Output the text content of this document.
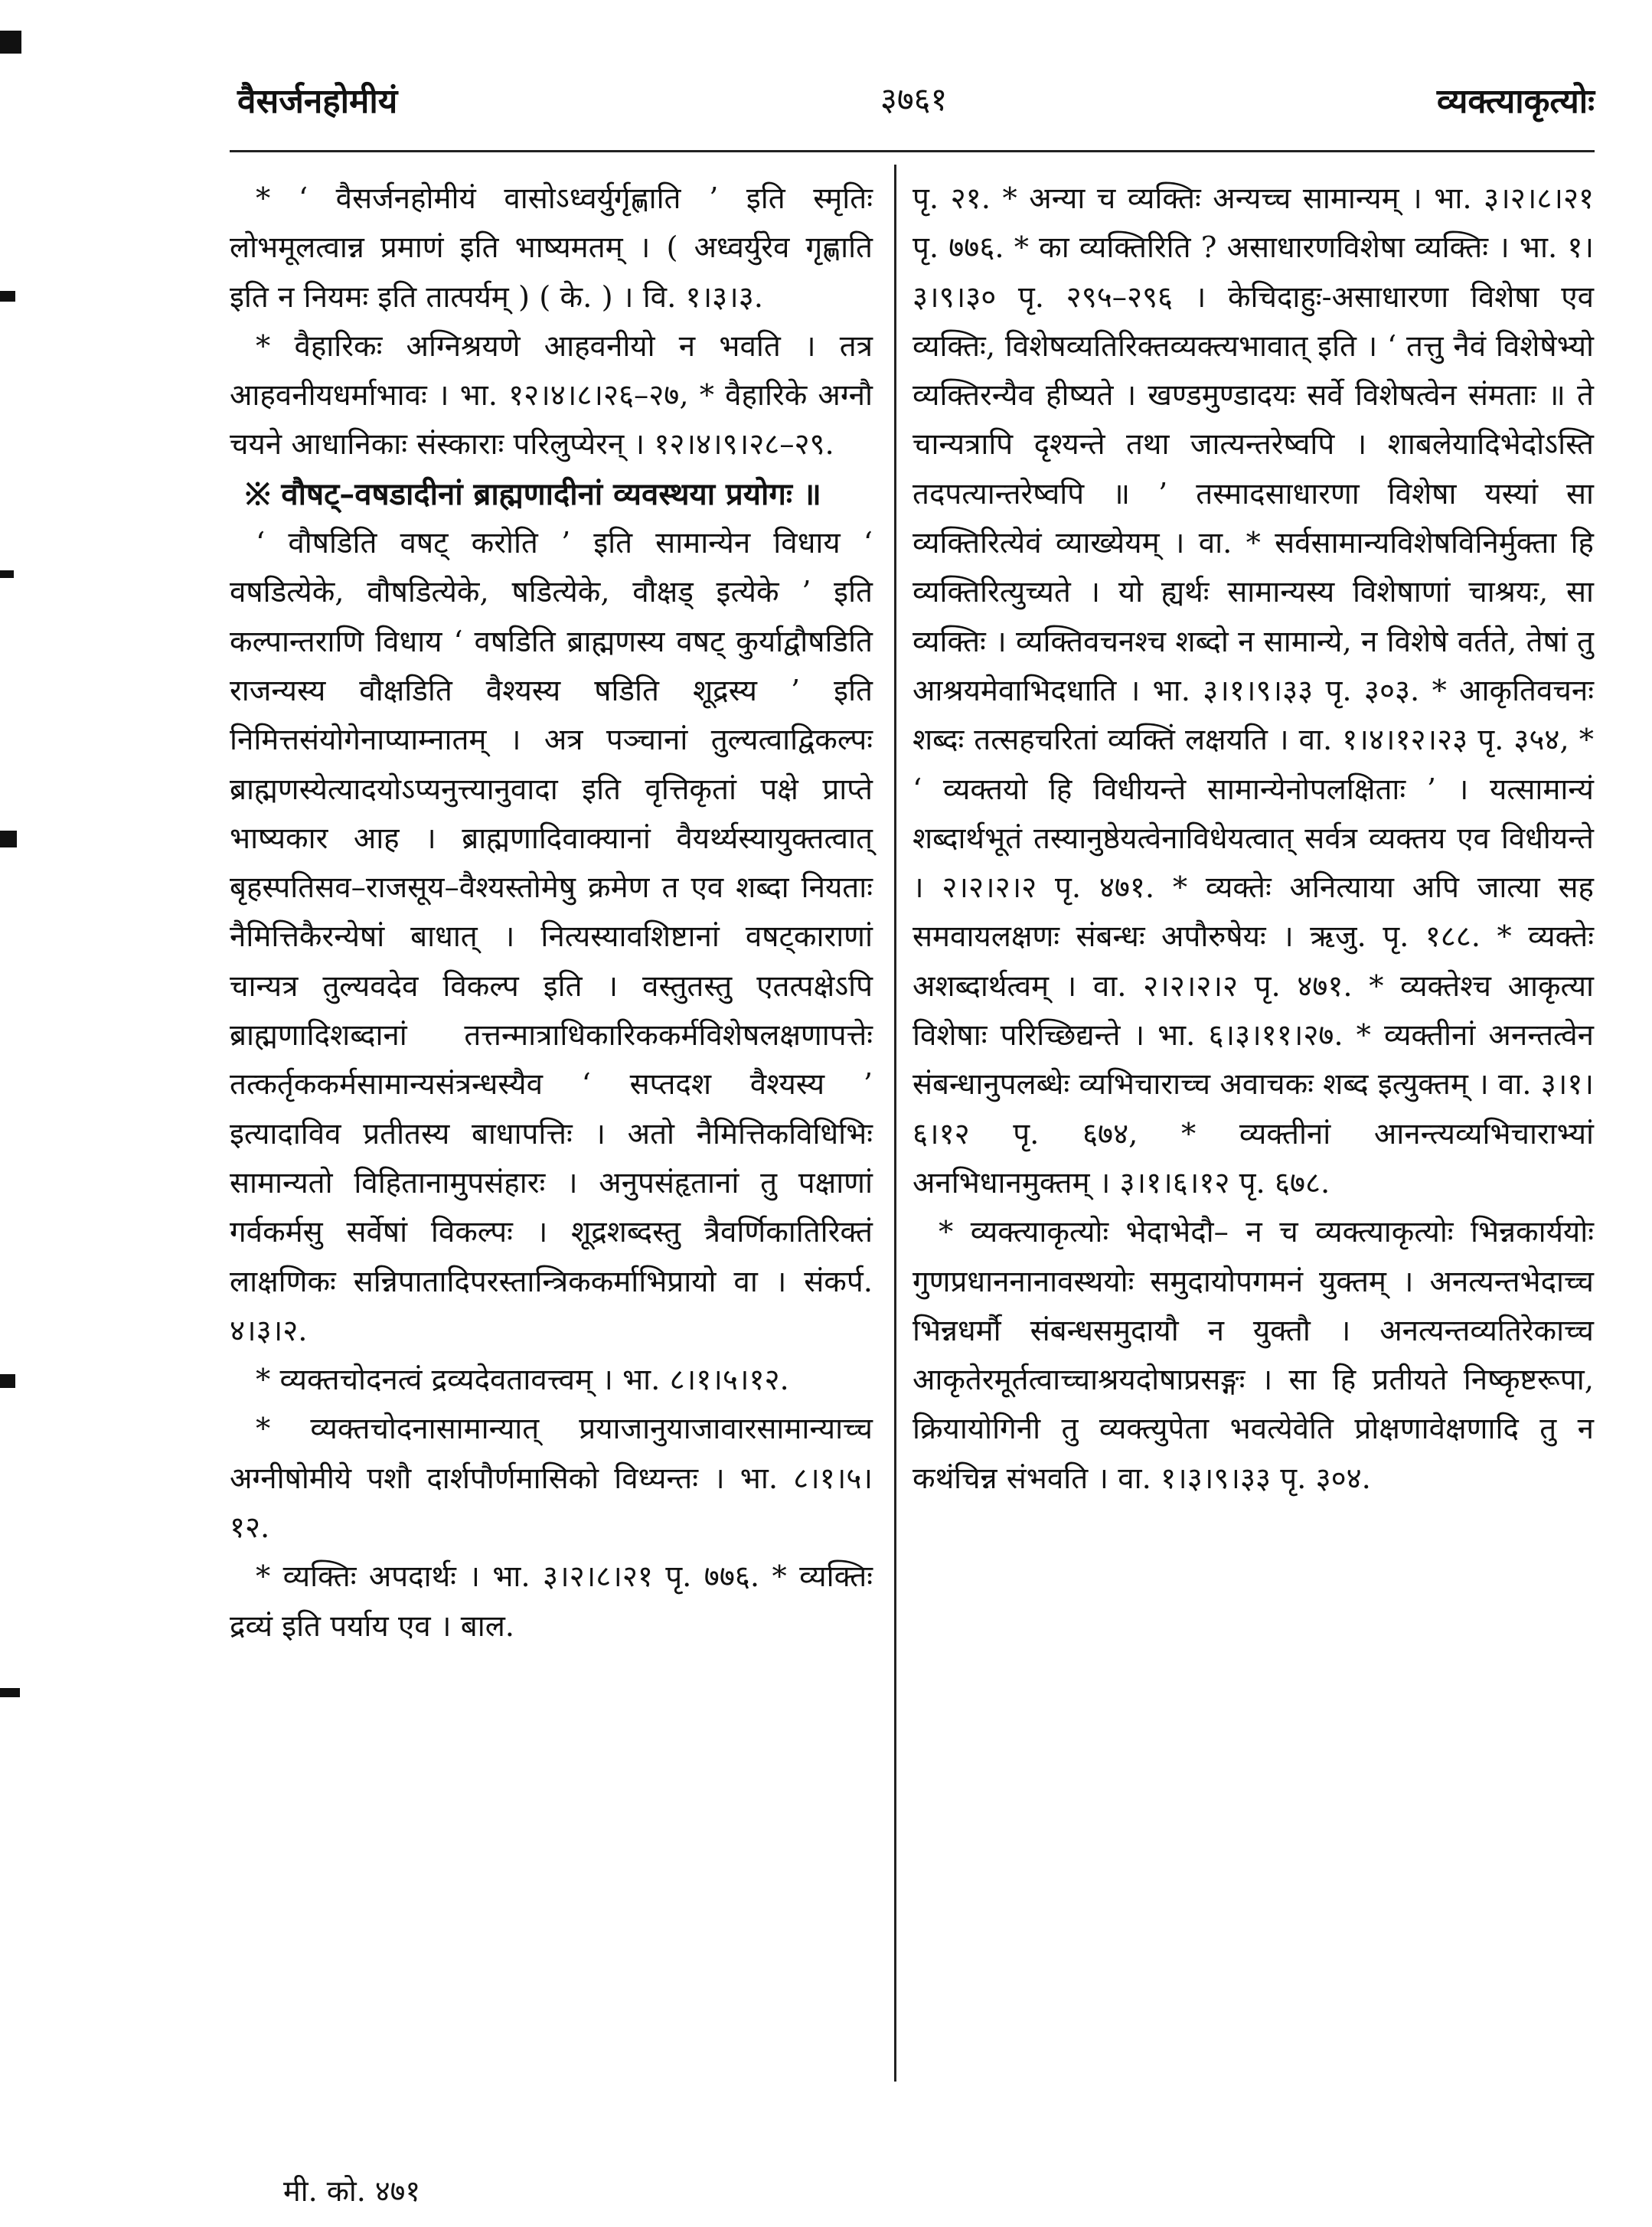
वैसर्जनहोमीयं	३७६१	व्यक्त्याकृत्योः

* ‘ वैसर्जनहोमीयं वासोऽध्वर्युर्गृह्णाति ’ इति स्मृतिः लोभमूलत्वान्न प्रमाणं इति भाष्यमतम् । ( अध्वर्युरेव गृह्णाति इति न नियमः इति तात्पर्यम् ) ( के. ) । वि. १।३।३.

* वैहारिकः अग्निश्रयणे आहवनीयो न भवति । तत्र आहवनीयधर्माभावः । भा. १२।४।८।२६–२७, * वैहारिके अग्नौ चयने आधानिकाः संस्काराः परिलुप्येरन् । १२।४।९।२८–२९.

※ वौषट्–वषडादीनां ब्राह्मणादीनां व्यवस्थया प्रयोगः ॥

‘ वौषडिति वषट् करोति ’ इति सामान्येन विधाय ‘ वषडित्येके, वौषडित्येके, षडित्येके, वौक्षड् इत्येके ’ इति कल्पान्तराणि विधाय ‘ वषडिति ब्राह्मणस्य वषट् कुर्याद्वौषडिति राजन्यस्य वौक्षडिति वैश्यस्य षडिति शूद्रस्य ’ इति निमित्तसंयोगेनाप्याम्नातम् । अत्र पञ्चानां तुल्यत्वाद्विकल्पः ब्राह्मणस्येत्यादयोऽप्यनुत्त्यानुवादा इति वृत्तिकृतां पक्षे प्राप्ते भाष्यकार आह । ब्राह्मणादिवाक्यानां वैयर्थ्यस्यायुक्तत्वात् बृहस्पतिसव–राजसूय–वैश्यस्तोमेषु क्रमेण त एव शब्दा नियताः नैमित्तिकैरन्येषां बाधात् । नित्यस्यावशिष्टानां वषट्काराणां चान्यत्र तुल्यवदेव विकल्प इति । वस्तुतस्तु एतत्पक्षेऽपि ब्राह्मणादिशब्दानां तत्तन्मात्राधिकारिककर्मविशेषलक्षणापत्तेः तत्कर्तृककर्मसामान्यसंत्रन्धस्यैव ‘ सप्तदश वैश्यस्य ’ इत्यादाविव प्रतीतस्य बाधापत्तिः । अतो नैमित्तिकविधिभिः सामान्यतो विहितानामुपसंहारः । अनुपसंहृतानां तु पक्षाणां गर्वकर्मसु सर्वेषां विकल्पः । शूद्रशब्दस्तु त्रैवर्णिकातिरिक्तं लाक्षणिकः सन्निपातादिपरस्तान्त्रिककर्माभिप्रायो वा । संकर्प. ४।३।२.

* व्यक्तचोदनत्वं द्रव्यदेवतावत्त्वम् । भा. ८।१।५।१२.

* व्यक्तचोदनासामान्यात् प्रयाजानुयाजावारसामान्याच्च अग्नीषोमीये पशौ दार्शपौर्णमासिको विध्यन्तः । भा. ८।१।५।१२.

* व्यक्तिः अपदार्थः । भा. ३।२।८।२१ पृ. ७७६. * व्यक्तिः द्रव्यं इति पर्याय एव । बाल.

पृ. २१. * अन्या च व्यक्तिः अन्यच्च सामान्यम् । भा. ३।२।८।२१ पृ. ७७६. * का व्यक्तिरिति ? असाधारणविशेषा व्यक्तिः । भा. १।३।९।३० पृ. २९५–२९६ । केचिदाहुः-असाधारणा विशेषा एव व्यक्तिः, विशेषव्यतिरिक्तव्यक्त्यभावात् इति । ‘ तत्तु नैवं विशेषेभ्यो व्यक्तिरन्यैव हीष्यते । खण्डमुण्डादयः सर्वे विशेषत्वेन संमताः ॥ ते चान्यत्रापि दृश्यन्ते तथा जात्यन्तरेष्वपि । शाबलेयादिभेदोऽस्ति तदपत्यान्तरेष्वपि ॥ ’ तस्मादसाधारणा विशेषा यस्यां सा व्यक्तिरित्येवं व्याख्येयम् । वा. * सर्वसामान्यविशेषविनिर्मुक्ता हि व्यक्तिरित्युच्यते । यो ह्यर्थः सामान्यस्य विशेषाणां चाश्रयः, सा व्यक्तिः । व्यक्तिवचनश्च शब्दो न सामान्ये, न विशेषे वर्तते, तेषां तु आश्रयमेवाभिदधाति । भा. ३।१।९।३३ पृ. ३०३. * आकृतिवचनः शब्दः तत्सहचरितां व्यक्तिं लक्षयति । वा. १।४।१२।२३ पृ. ३५४, * ‘ व्यक्तयो हि विधीयन्ते सामान्येनोपलक्षिताः ’ । यत्सामान्यं शब्दार्थभूतं तस्यानुष्ठेयत्वेनाविधेयत्वात् सर्वत्र व्यक्तय एव विधीयन्ते । २।२।२।२ पृ. ४७१. * व्यक्तेः अनित्याया अपि जात्या सह समवायलक्षणः संबन्धः अपौरुषेयः । ऋजु. पृ. १८८. * व्यक्तेः अशब्दार्थत्वम् । वा. २।२।२।२ पृ. ४७१. * व्यक्तेश्च आकृत्या विशेषाः परिच्छिद्यन्ते । भा. ६।३।११।२७. * व्यक्तीनां अनन्तत्वेन संबन्धानुपलब्धेः व्यभिचाराच्च अवाचकः शब्द इत्युक्तम् । वा. ३।१।६।१२ पृ. ६७४, * व्यक्तीनां आनन्त्यव्यभिचाराभ्यां अनभिधानमुक्तम् । ३।१।६।१२ पृ. ६७८.

* व्यक्त्याकृत्योः भेदाभेदौ– न च व्यक्त्याकृत्योः भिन्नकार्ययोः गुणप्रधाननानावस्थयोः समुदायोपगमनं युक्तम् । अनत्यन्तभेदाच्च भिन्नधर्मौ संबन्धसमुदायौ न युक्तौ । अनत्यन्तव्यतिरेकाच्च आकृतेरमूर्तत्वाच्चाश्रयदोषाप्रसङ्गः । सा हि प्रतीयते निष्कृष्टरूपा, क्रियायोगिनी तु व्यक्त्युपेता भवत्येवेति प्रोक्षणावेक्षणादि तु न कथंचिन्न संभवति । वा. १।३।९।३३ पृ. ३०४.

मी. को. ४७१
